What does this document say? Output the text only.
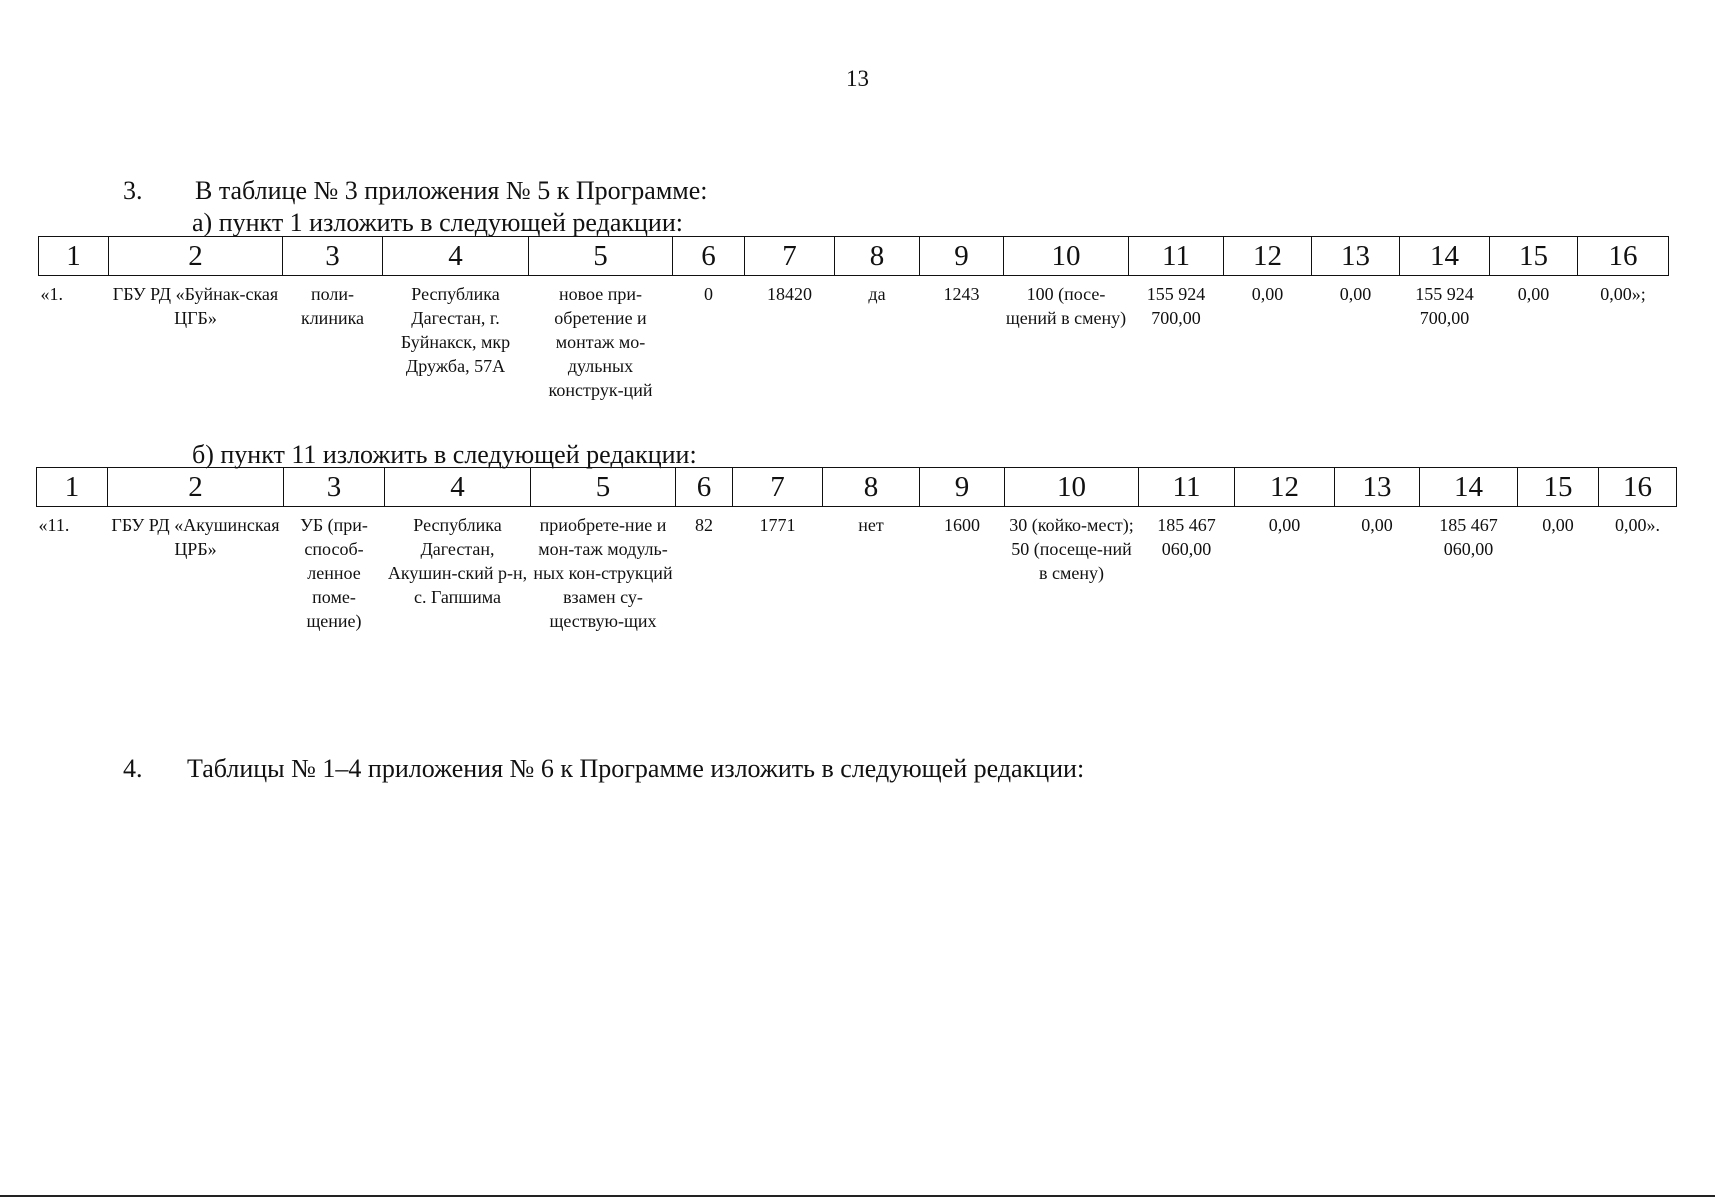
13
3. В таблице № 3 приложения № 5 к Программе:
а) пункт 1 изложить в следующей редакции:
1	2	3	4	5	6	7	8	9	10	11	12	13	14	15	16
«1.	ГБУ РД «Буйнак-ская ЦГБ»	поли-клиника	Республика Дагестан, г. Буйнакск, мкр Дружба, 57А	новое при-обретение и монтаж мо-дульных конструк-ций	0	18420	да	1243	100 (посе-щений в смену)	155 924 700,00	0,00	0,00	155 924 700,00	0,00	0,00»;
б) пункт 11 изложить в следующей редакции:
1	2	3	4	5	6	7	8	9	10	11	12	13	14	15	16
«11.	ГБУ РД «Акушинская ЦРБ»	УБ (при-способ-ленное поме-щение)	Республика Дагестан, Акушин-ский р-н, с. Гапшима	приобрете-ние и мон-таж модуль-ных кон-струкций взамен су-ществую-щих	82	1771	нет	1600	30 (койко-мест); 50 (посеще-ний в смену)	185 467 060,00	0,00	0,00	185 467 060,00	0,00	0,00».
4. Таблицы № 1–4 приложения № 6 к Программе изложить в следующей редакции:
